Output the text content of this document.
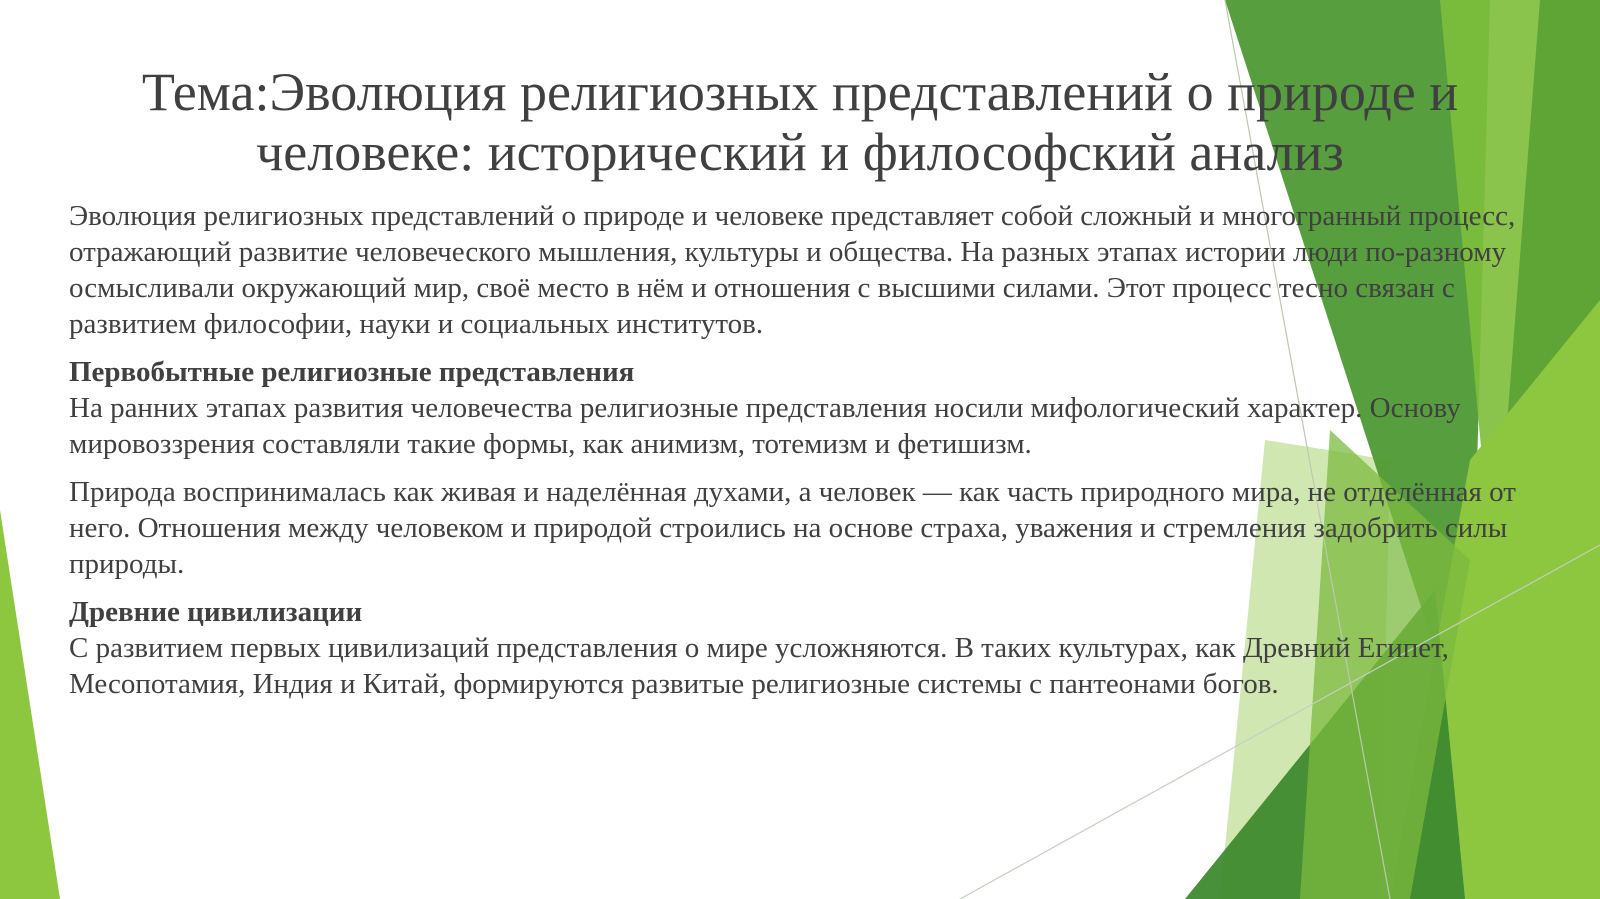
Тема:Эволюция религиозных представлений о природе и человеке: исторический и философский анализ

Эволюция религиозных представлений о природе и человеке представляет собой сложный и многогранный процесс, отражающий развитие человеческого мышления, культуры и общества. На разных этапах истории люди по-разному осмысливали окружающий мир, своё место в нём и отношения с высшими силами. Этот процесс тесно связан с развитием философии, науки и социальных институтов.

Первобытные религиозные представления
На ранних этапах развития человечества религиозные представления носили мифологический характер. Основу мировоззрения составляли такие формы, как анимизм, тотемизм и фетишизм.

Природа воспринималась как живая и наделённая духами, а человек — как часть природного мира, не отделённая от него. Отношения между человеком и природой строились на основе страха, уважения и стремления задобрить силы природы.

Древние цивилизации
С развитием первых цивилизаций представления о мире усложняются. В таких культурах, как Древний Египет, Месопотамия, Индия и Китай, формируются развитые религиозные системы с пантеонами богов.
